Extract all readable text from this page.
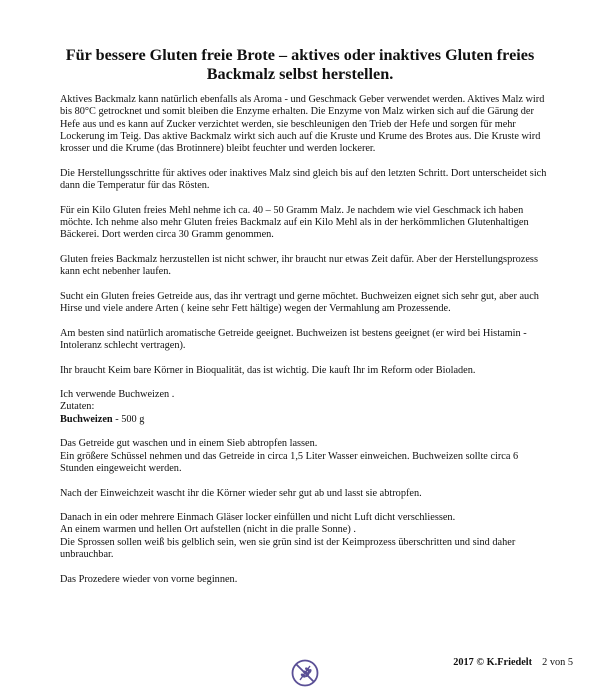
Für bessere Gluten freie Brote – aktives oder inaktives Gluten freies Backmalz selbst herstellen.

Aktives Backmalz kann natürlich ebenfalls als Aroma - und Geschmack Geber verwendet werden. Aktives Malz wird bis 80°C getrocknet und somit bleiben die Enzyme erhalten. Die Enzyme von Malz wirken sich auf die Gärung der Hefe aus und es kann auf Zucker verzichtet werden, sie beschleunigen den Trieb der Hefe und sorgen für mehr Lockerung im Teig. Das aktive Backmalz wirkt sich auch auf die Kruste und Krume des Brotes aus. Die Kruste wird krosser und die Krume (das Brotinnere) bleibt feuchter und werden lockerer.

Die Herstellungsschritte für aktives oder inaktives Malz sind gleich bis auf den letzten Schritt. Dort unterscheidet sich dann die Temperatur für das Rösten.

Für ein Kilo Gluten freies Mehl nehme ich ca. 40 – 50 Gramm Malz. Je nachdem wie viel Geschmack ich haben möchte. Ich nehme also mehr Gluten freies Backmalz auf ein Kilo Mehl als in der herkömmlichen Glutenhaltigen Bäckerei. Dort werden circa 30 Gramm genommen.

Gluten freies Backmalz herzustellen ist nicht schwer, ihr braucht nur etwas Zeit dafür. Aber der Herstellungsprozess kann echt nebenher laufen.

Sucht ein Gluten freies Getreide aus, das ihr vertragt und gerne möchtet. Buchweizen eignet sich sehr gut, aber auch Hirse und viele andere Arten ( keine sehr Fett hältige) wegen der Vermahlung am Prozessende.

Am besten sind natürlich aromatische Getreide geeignet. Buchweizen ist bestens geeignet (er wird bei Histamin -Intoleranz schlecht vertragen).

Ihr braucht Keim bare Körner in Bioqualität, das ist wichtig. Die kauft Ihr im Reform oder Bioladen.

Ich verwende Buchweizen .
Zutaten:
Buchweizen - 500 g

Das Getreide gut waschen und in einem Sieb abtropfen lassen.
Ein größere Schüssel nehmen und das Getreide in circa 1,5 Liter Wasser einweichen. Buchweizen sollte circa 6 Stunden eingeweicht werden.

Nach der Einweichzeit wascht ihr die Körner wieder sehr gut ab und lasst sie abtropfen.

Danach in ein oder mehrere Einmach Gläser locker einfüllen und nicht Luft dicht verschliessen.
An einem warmen und hellen Ort aufstellen (nicht in die pralle Sonne) .
Die Sprossen sollen weiß bis gelblich sein, wen sie grün sind ist der Keimprozess überschritten und sind daher unbrauchbar.

Das Prozedere wieder von vorne beginnen.

2017 © K.Friedelt 2 von 5
